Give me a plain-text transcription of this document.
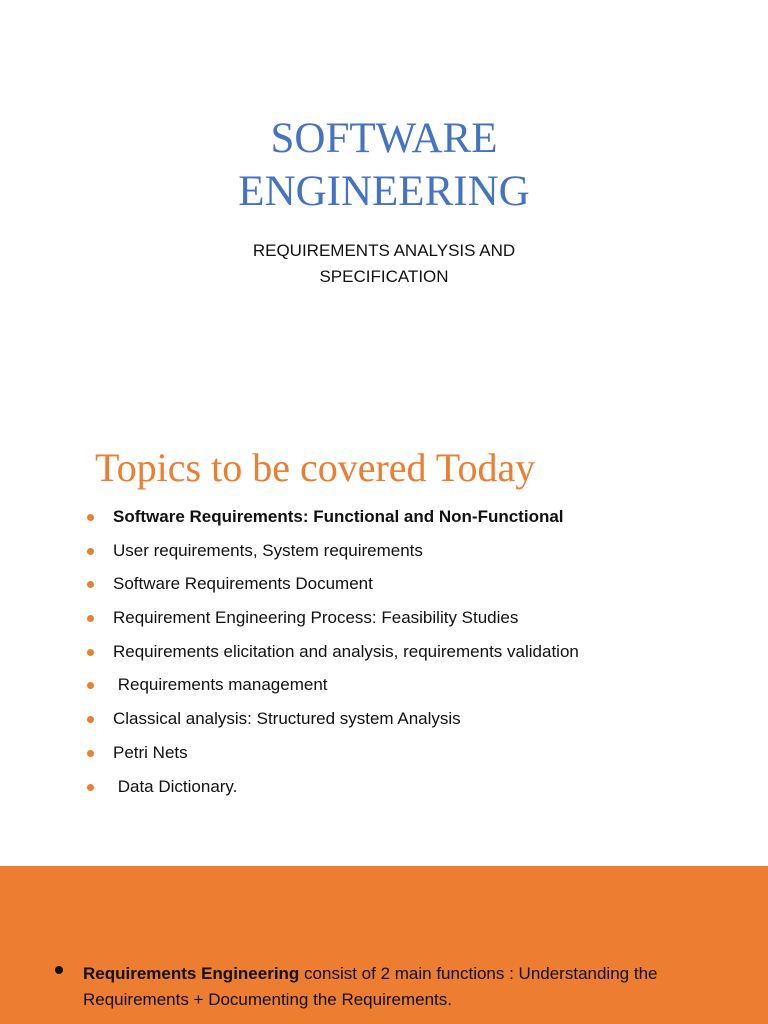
SOFTWARE
ENGINEERING
REQUIREMENTS ANALYSIS AND
SPECIFICATION
Topics to be covered Today
Software Requirements: Functional and Non-Functional
User requirements, System requirements
Software Requirements Document
Requirement Engineering Process: Feasibility Studies
Requirements elicitation and analysis, requirements validation
Requirements management
Classical analysis: Structured system Analysis
Petri Nets
Data Dictionary.
Requirements Engineering consist of 2 main functions : Understanding the Requirements + Documenting the Requirements.
